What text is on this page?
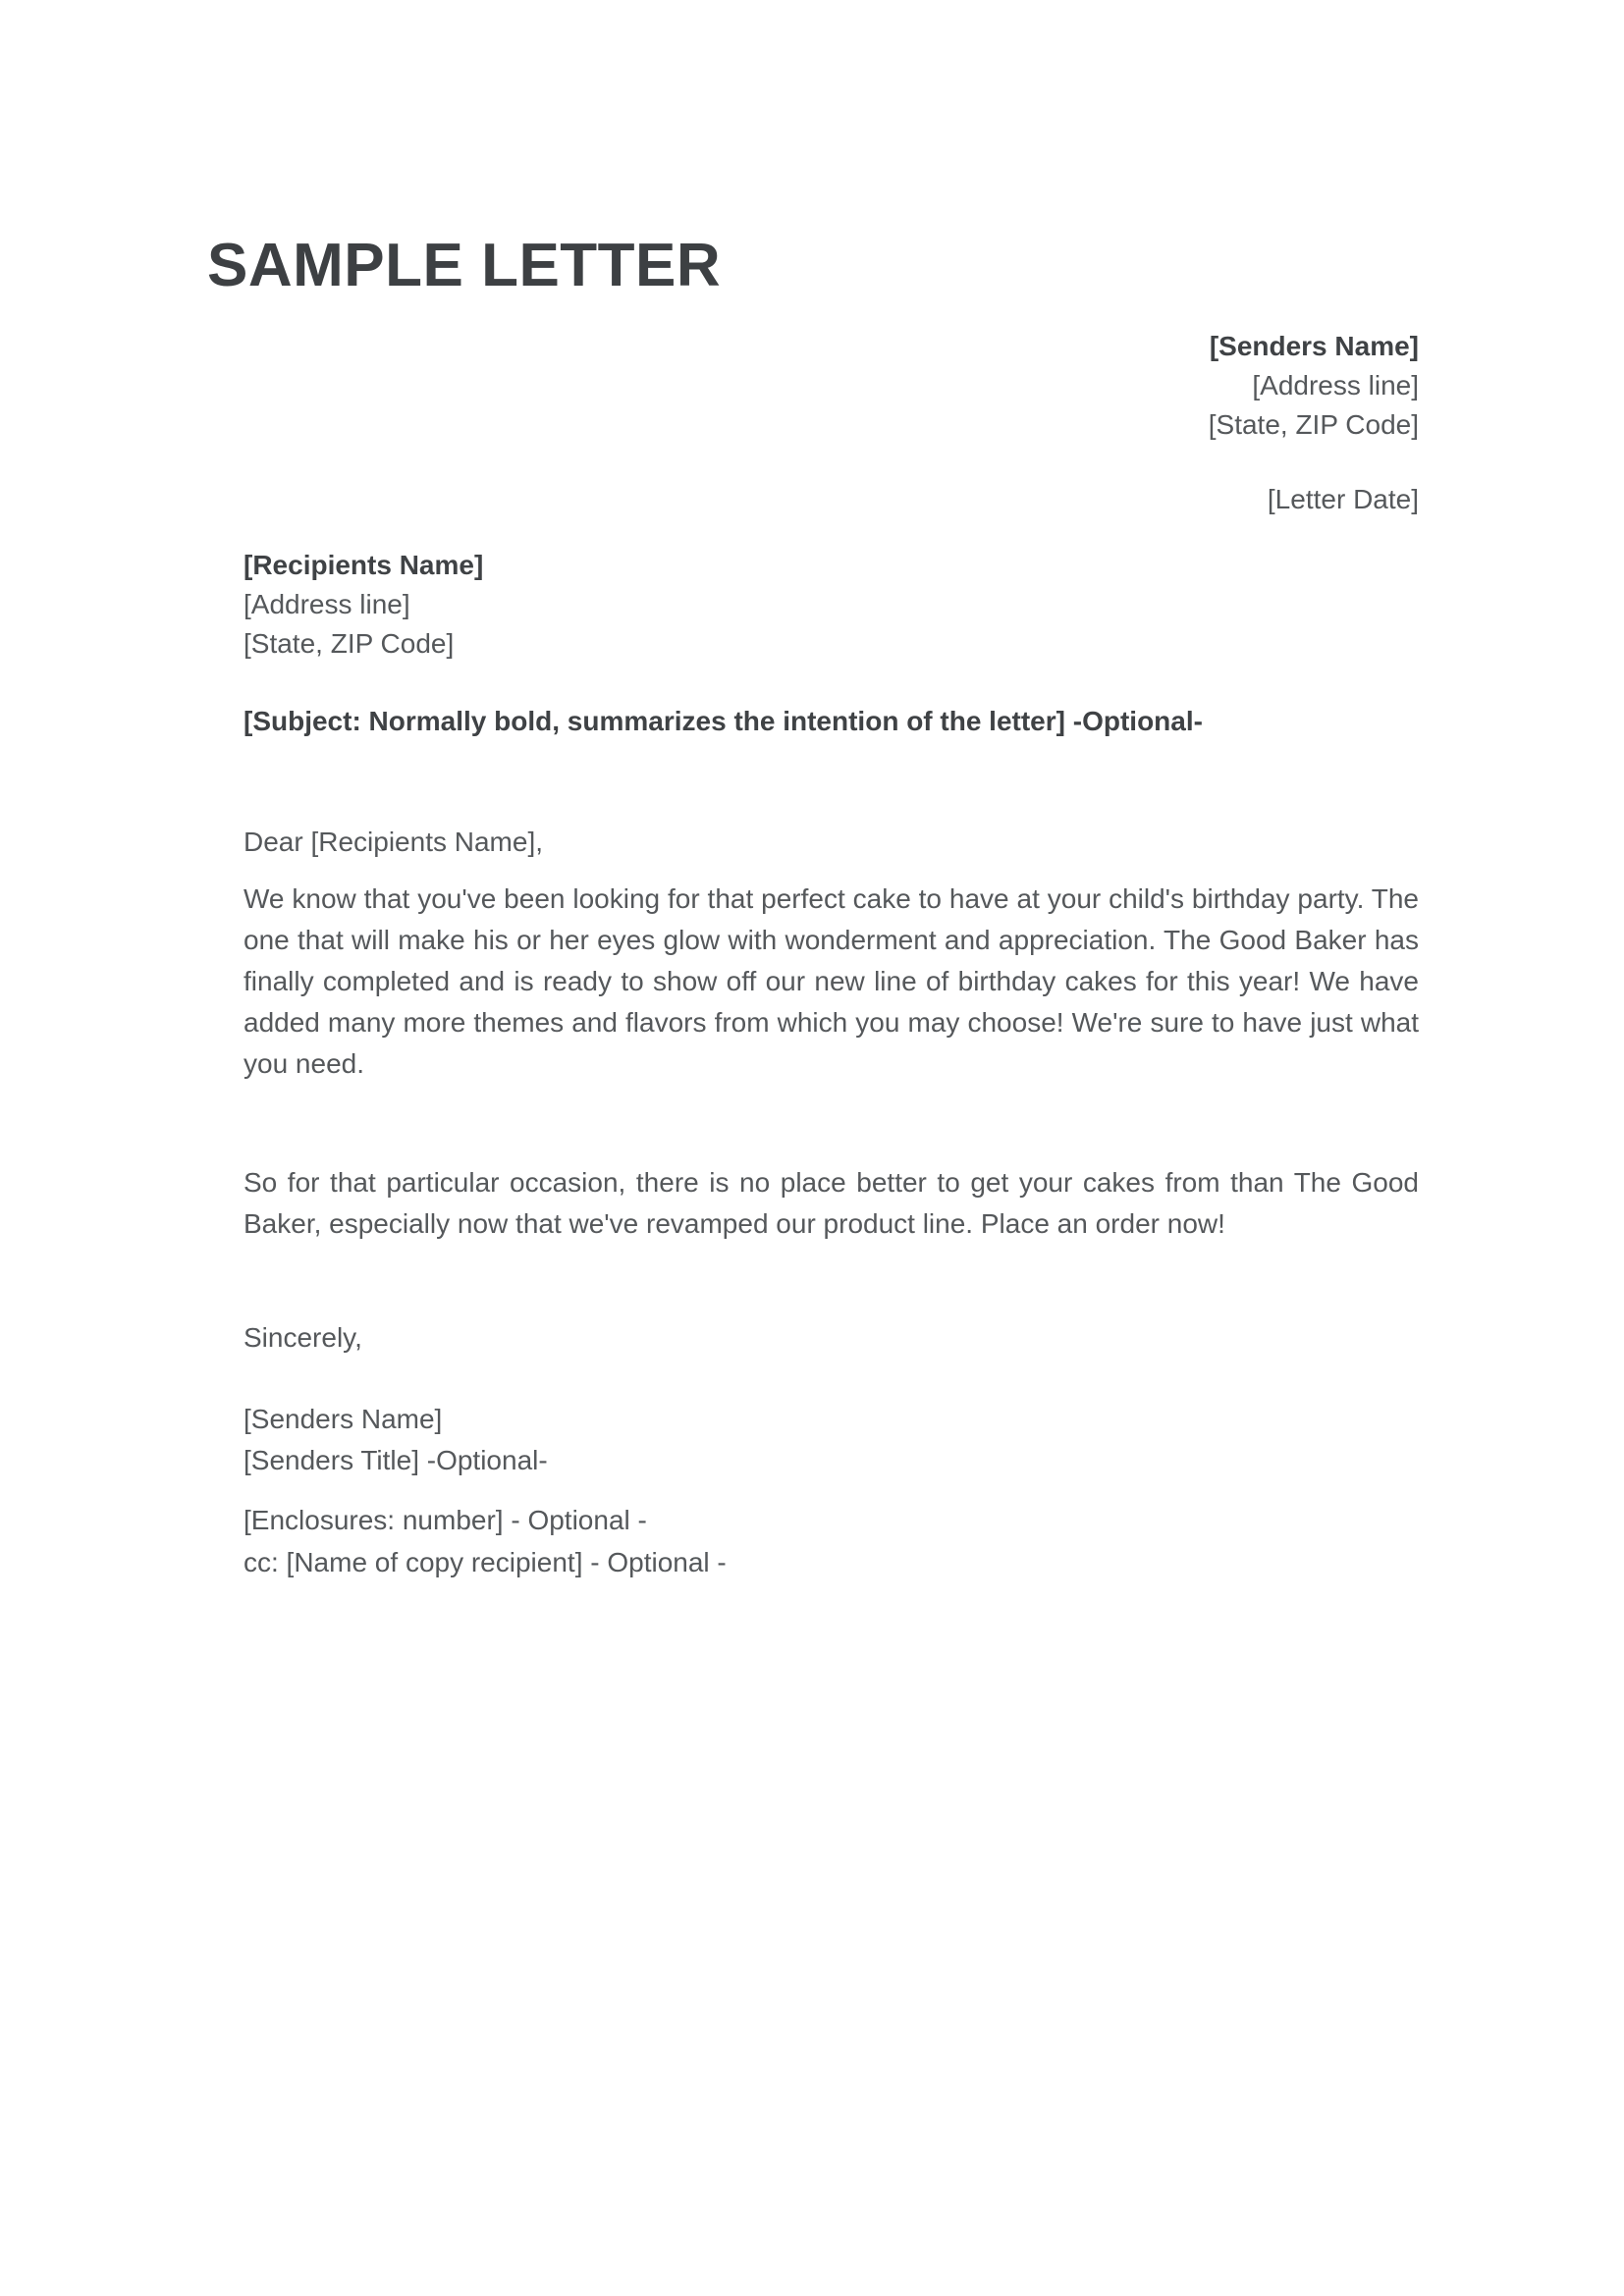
SAMPLE LETTER
[Senders Name]
[Address line]
[State, ZIP Code]
[Letter Date]
[Recipients Name]
[Address line]
[State, ZIP Code]
[Subject: Normally bold, summarizes the intention of the letter] -Optional-
Dear [Recipients Name],
We know that you've been looking for that perfect cake to have at your child's birthday party. The one that will make his or her eyes glow with wonderment and appreciation. The Good Baker has finally completed and is ready to show off our new line of birthday cakes for this year! We have added many more themes and flavors from which you may choose! We're sure to have just what you need.
So for that particular occasion, there is no place better to get your cakes from than The Good Baker, especially now that we've revamped our product line. Place an order now!
Sincerely,
[Senders Name]
[Senders Title] -Optional-
[Enclosures: number] - Optional -
cc: [Name of copy recipient] - Optional -
